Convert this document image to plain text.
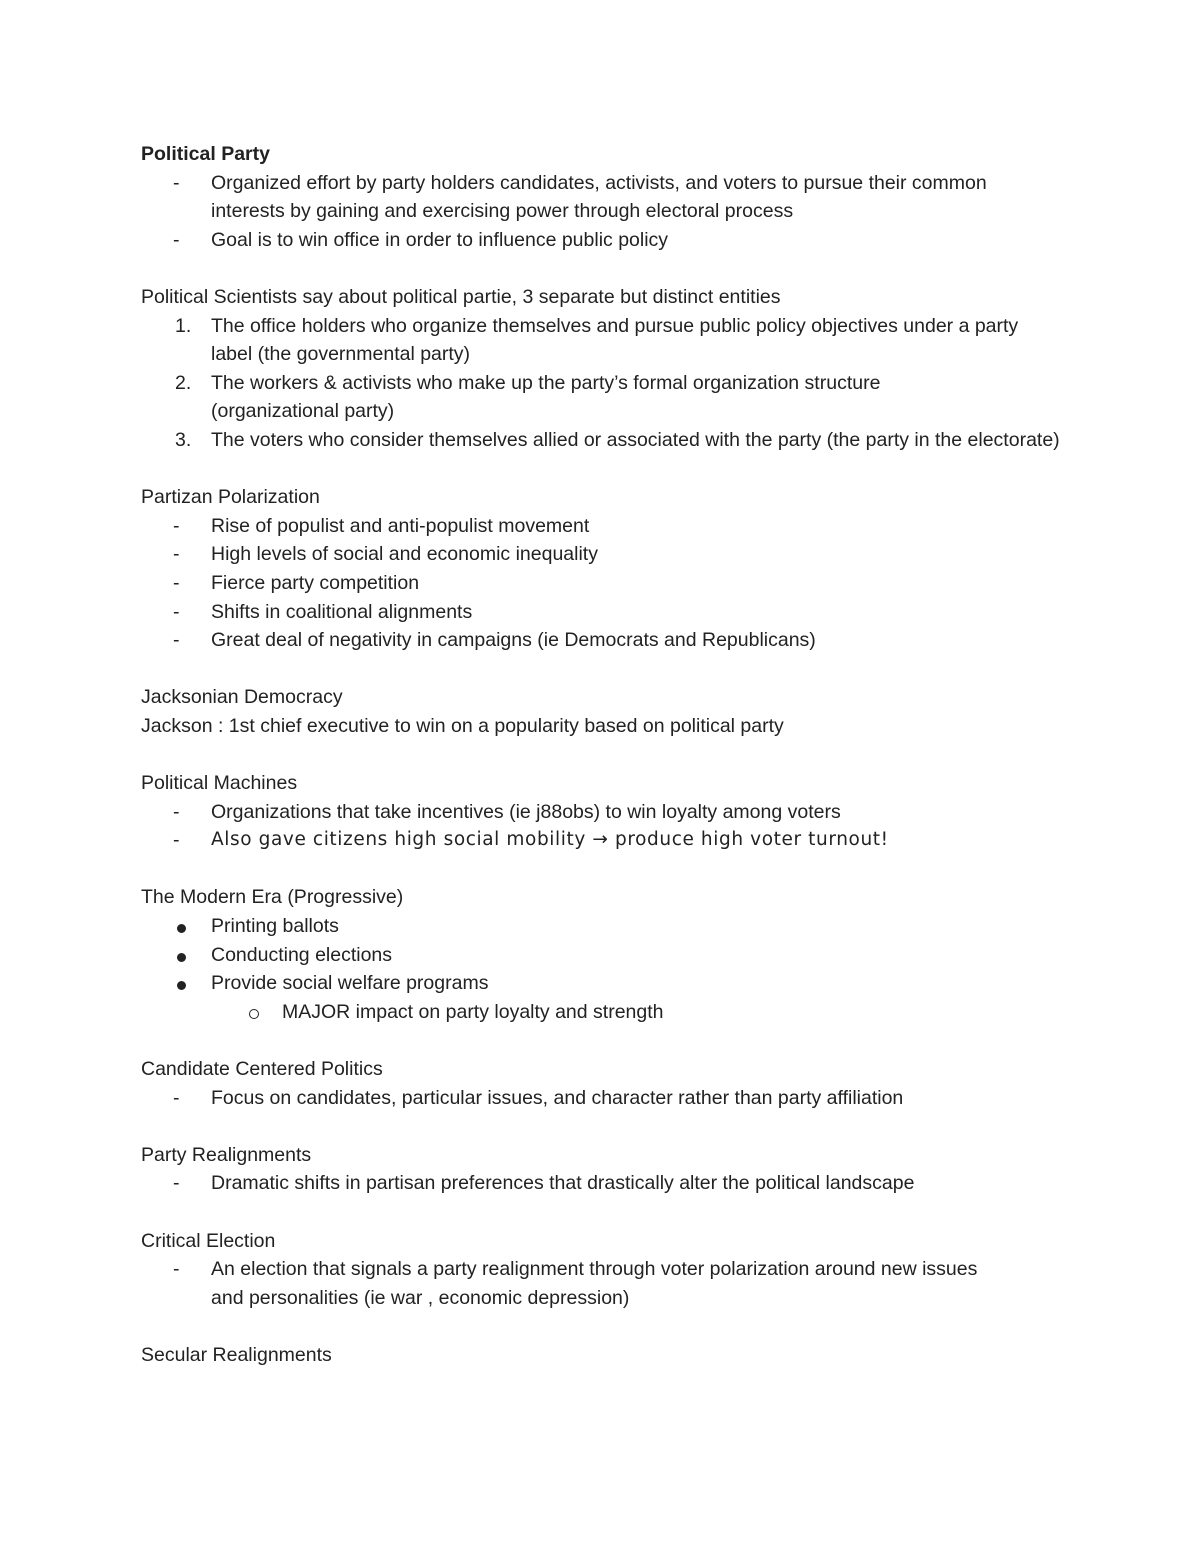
Political Party
-	Organized effort by party holders candidates, activists, and voters to pursue their common interests by gaining and exercising power through electoral process
-	Goal is to win office in order to influence public policy
Political Scientists say about political partie, 3 separate but distinct entities
1.	The office holders who organize themselves and pursue public policy objectives under a party label (the governmental party)
2.	The workers & activists who make up the party’s formal organization structure (organizational party)
3.	The voters who consider themselves allied or associated with the party (the party in the electorate)
Partizan Polarization
-	Rise of populist and anti-populist movement
-	High levels of social and economic inequality
-	Fierce party competition
-	Shifts in coalitional alignments
-	Great deal of negativity in campaigns (ie Democrats and Republicans)
Jacksonian Democracy
Jackson : 1st chief executive to win on a popularity based on political party
Political Machines
-	Organizations that take incentives (ie j88obs) to win loyalty among voters
-	Also gave citizens high social mobility → produce high voter turnout!
The Modern Era (Progressive)
Printing ballots
Conducting elections
Provide social welfare programs
MAJOR impact on party loyalty and strength
Candidate Centered Politics
-	Focus on candidates, particular issues, and character rather than party affiliation
Party Realignments
-	Dramatic shifts in partisan preferences that drastically alter the political landscape
Critical Election
-	An election that signals a party realignment through voter polarization around new issues and personalities (ie war , economic depression)
Secular Realignments
